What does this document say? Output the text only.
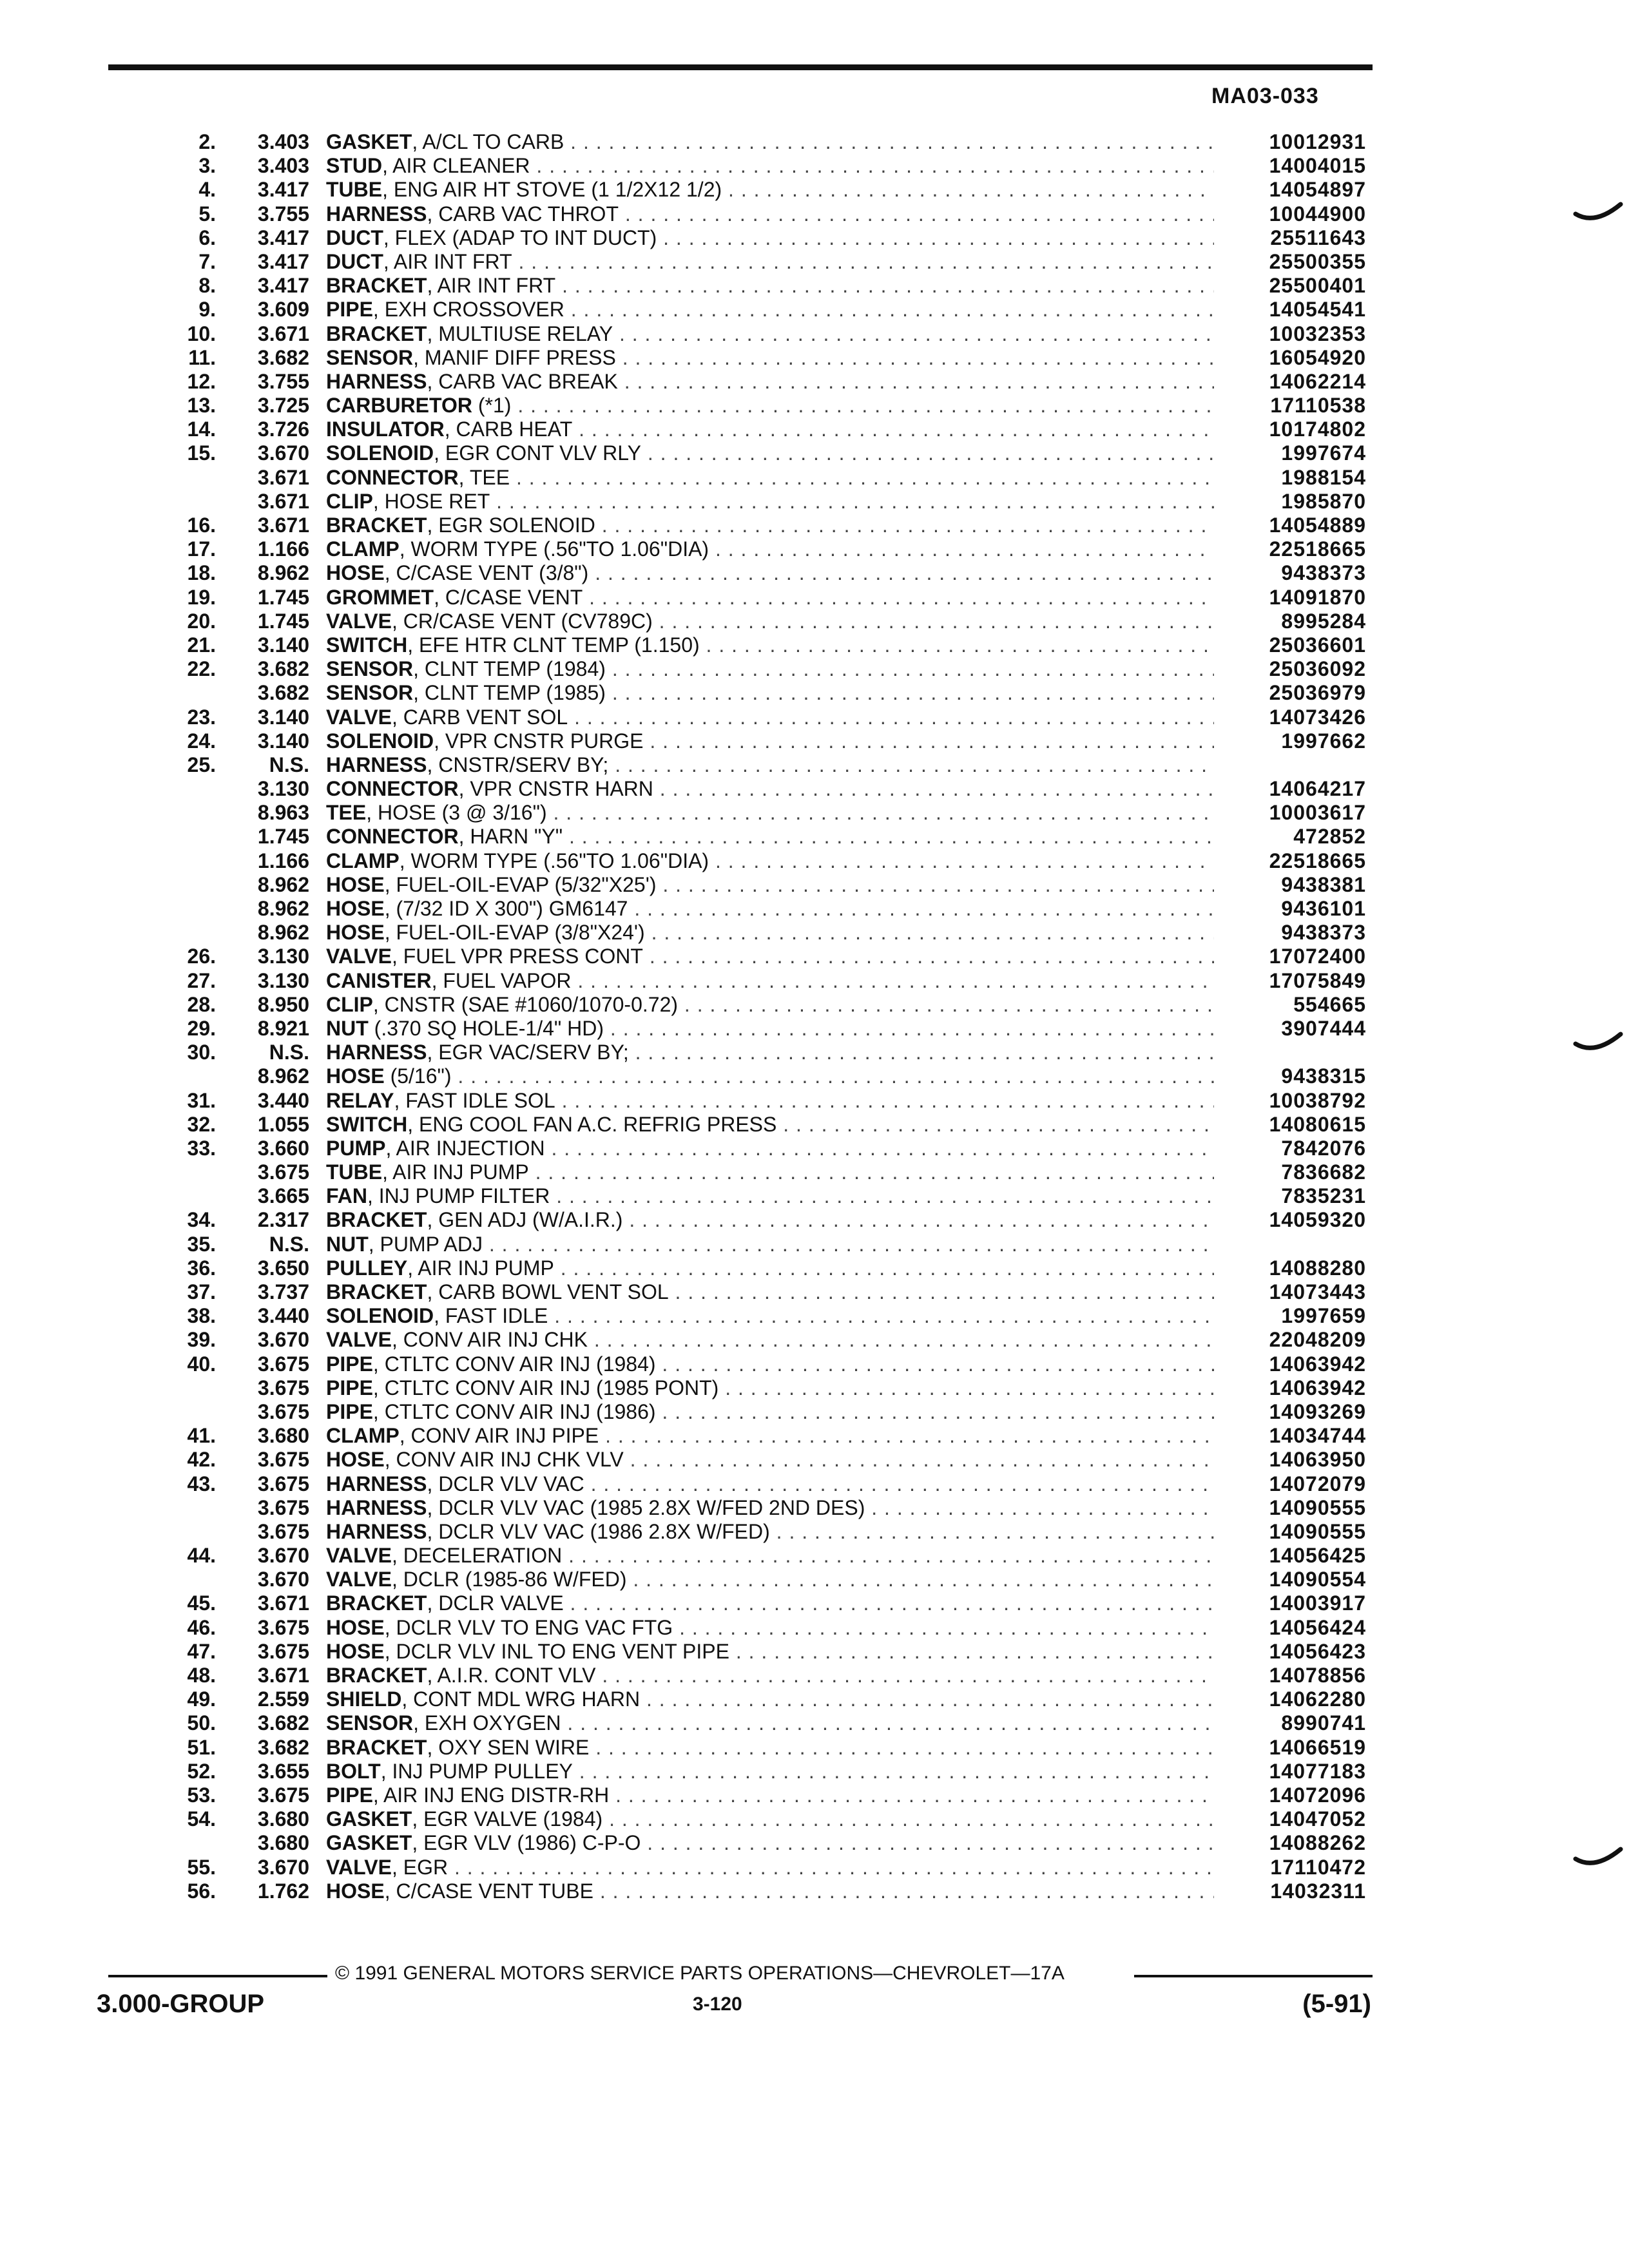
MA03-033
2.	3.403 GASKET, A/CL TO CARB . . .	10012931
3.	3.403 STUD, AIR CLEANER . . .	14004015
4.	3.417 TUBE, ENG AIR HT STOVE (1 1/2X12 1/2) . . .	14054897
5.	3.755 HARNESS, CARB VAC THROT . . .	10044900
6.	3.417 DUCT, FLEX (ADAP TO INT DUCT) . . .	25511643
7.	3.417 DUCT, AIR INT FRT . . .	25500355
8.	3.417 BRACKET, AIR INT FRT . . .	25500401
9.	3.609 PIPE, EXH CROSSOVER . . .	14054541
10.	3.671 BRACKET, MULTIUSE RELAY . . .	10032353
11.	3.682 SENSOR, MANIF DIFF PRESS . . .	16054920
12.	3.755 HARNESS, CARB VAC BREAK . . .	14062214
13.	3.725 CARBURETOR (*1) . . .	17110538
14.	3.726 INSULATOR, CARB HEAT . . .	10174802
15.	3.670 SOLENOID, EGR CONT VLV RLY . . .	1997674
3.671 CONNECTOR, TEE . . .	1988154
3.671 CLIP, HOSE RET . . .	1985870
16.	3.671 BRACKET, EGR SOLENOID . . .	14054889
17.	1.166 CLAMP, WORM TYPE (.56"TO 1.06"DIA) . . .	22518665
18.	8.962 HOSE, C/CASE VENT (3/8") . . .	9438373
19.	1.745 GROMMET, C/CASE VENT . . .	14091870
20.	1.745 VALVE, CR/CASE VENT (CV789C) . . .	8995284
21.	3.140 SWITCH, EFE HTR CLNT TEMP (1.150) . . .	25036601
22.	3.682 SENSOR, CLNT TEMP (1984) . . .	25036092
3.682 SENSOR, CLNT TEMP (1985) . . .	25036979
23.	3.140 VALVE, CARB VENT SOL . . .	14073426
24.	3.140 SOLENOID, VPR CNSTR PURGE . . .	1997662
25.	N.S. HARNESS, CNSTR/SERV BY; . . .
3.130 CONNECTOR, VPR CNSTR HARN . . .	14064217
8.963 TEE, HOSE (3 @ 3/16") . . .	10003617
1.745 CONNECTOR, HARN "Y" . . .	472852
1.166 CLAMP, WORM TYPE (.56"TO 1.06"DIA) . . .	22518665
8.962 HOSE, FUEL-OIL-EVAP (5/32"X25') . . .	9438381
8.962 HOSE, (7/32 ID X 300") GM6147 . . .	9436101
8.962 HOSE, FUEL-OIL-EVAP (3/8"X24') . . .	9438373
26.	3.130 VALVE, FUEL VPR PRESS CONT . . .	17072400
27.	3.130 CANISTER, FUEL VAPOR . . .	17075849
28.	8.950 CLIP, CNSTR (SAE #1060/1070-0.72) . . .	554665
29.	8.921 NUT (.370 SQ HOLE-1/4" HD) . . .	3907444
30.	N.S. HARNESS, EGR VAC/SERV BY; . . .
8.962 HOSE (5/16") . . .	9438315
31.	3.440 RELAY, FAST IDLE SOL . . .	10038792
32.	1.055 SWITCH, ENG COOL FAN A.C. REFRIG PRESS . . .	14080615
33.	3.660 PUMP, AIR INJECTION . . .	7842076
3.675 TUBE, AIR INJ PUMP . . .	7836682
3.665 FAN, INJ PUMP FILTER . . .	7835231
34.	2.317 BRACKET, GEN ADJ (W/A.I.R.) . . .	14059320
35.	N.S. NUT, PUMP ADJ . . .
36.	3.650 PULLEY, AIR INJ PUMP . . .	14088280
37.	3.737 BRACKET, CARB BOWL VENT SOL . . .	14073443
38.	3.440 SOLENOID, FAST IDLE . . .	1997659
39.	3.670 VALVE, CONV AIR INJ CHK . . .	22048209
40.	3.675 PIPE, CTLTC CONV AIR INJ (1984) . . .	14063942
3.675 PIPE, CTLTC CONV AIR INJ (1985 PONT) . . .	14063942
3.675 PIPE, CTLTC CONV AIR INJ (1986) . . .	14093269
41.	3.680 CLAMP, CONV AIR INJ PIPE . . .	14034744
42.	3.675 HOSE, CONV AIR INJ CHK VLV . . .	14063950
43.	3.675 HARNESS, DCLR VLV VAC . . .	14072079
3.675 HARNESS, DCLR VLV VAC (1985 2.8X W/FED 2ND DES) . . .	14090555
3.675 HARNESS, DCLR VLV VAC (1986 2.8X W/FED) . . .	14090555
44.	3.670 VALVE, DECELERATION . . .	14056425
3.670 VALVE, DCLR (1985-86 W/FED) . . .	14090554
45.	3.671 BRACKET, DCLR VALVE . . .	14003917
46.	3.675 HOSE, DCLR VLV TO ENG VAC FTG . . .	14056424
47.	3.675 HOSE, DCLR VLV INL TO ENG VENT PIPE . . .	14056423
48.	3.671 BRACKET, A.I.R. CONT VLV . . .	14078856
49.	2.559 SHIELD, CONT MDL WRG HARN . . .	14062280
50.	3.682 SENSOR, EXH OXYGEN . . .	8990741
51.	3.682 BRACKET, OXY SEN WIRE . . .	14066519
52.	3.655 BOLT, INJ PUMP PULLEY . . .	14077183
53.	3.675 PIPE, AIR INJ ENG DISTR-RH . . .	14072096
54.	3.680 GASKET, EGR VALVE (1984) . . .	14047052
3.680 GASKET, EGR VLV (1986) C-P-O . . .	14088262
55.	3.670 VALVE, EGR . . .	17110472
56.	1.762 HOSE, C/CASE VENT TUBE . . .	14032311
© 1991 GENERAL MOTORS SERVICE PARTS OPERATIONS—CHEVROLET—17A
3.000-GROUP	3-120	(5-91)
